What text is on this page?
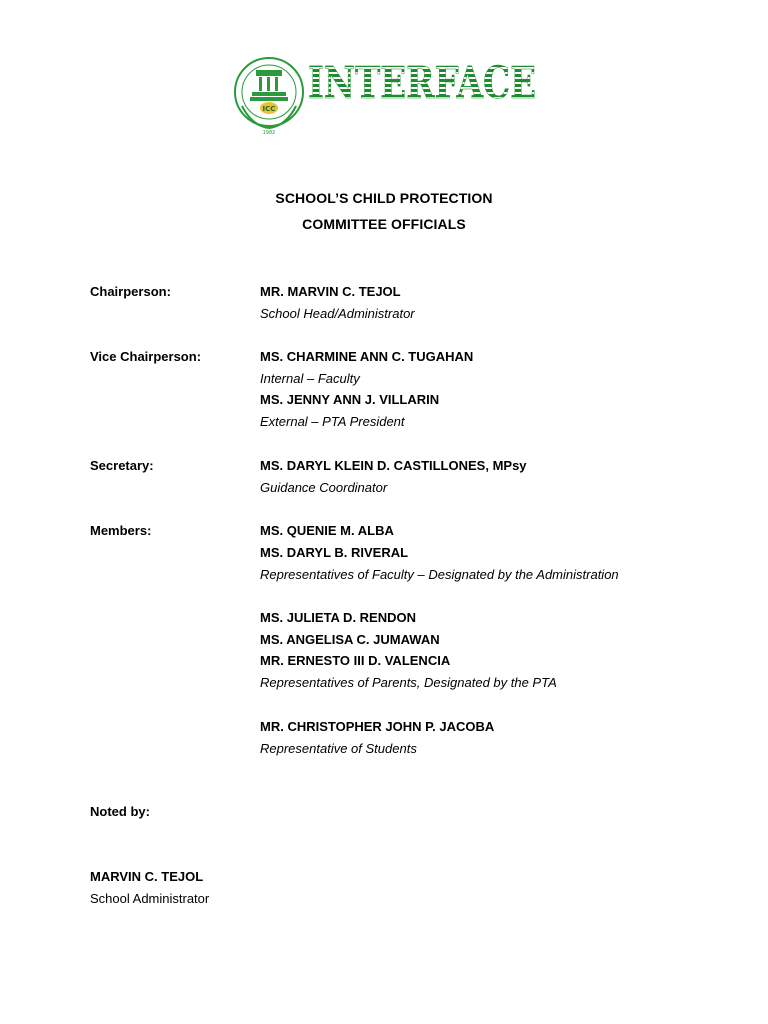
ICC
1982
INTERFACE
SCHOOL’S CHILD PROTECTION
COMMITTEE OFFICIALS
Chairperson:	MR. MARVIN C. TEJOL
School Head/Administrator
Vice Chairperson:	MS. CHARMINE ANN C. TUGAHAN
Internal – Faculty
MS. JENNY ANN J. VILLARIN
External – PTA President
Secretary:	MS. DARYL KLEIN D. CASTILLONES, MPsy
Guidance Coordinator
Members:	MS. QUENIE M. ALBA
MS. DARYL B. RIVERAL
Representatives of Faculty – Designated by the Administration
MS. JULIETA D. RENDON
MS. ANGELISA C. JUMAWAN
MR. ERNESTO III D. VALENCIA
Representatives of Parents, Designated by the PTA
MR. CHRISTOPHER JOHN P. JACOBA
Representative of Students
Noted by:
MARVIN C. TEJOL
School Administrator
